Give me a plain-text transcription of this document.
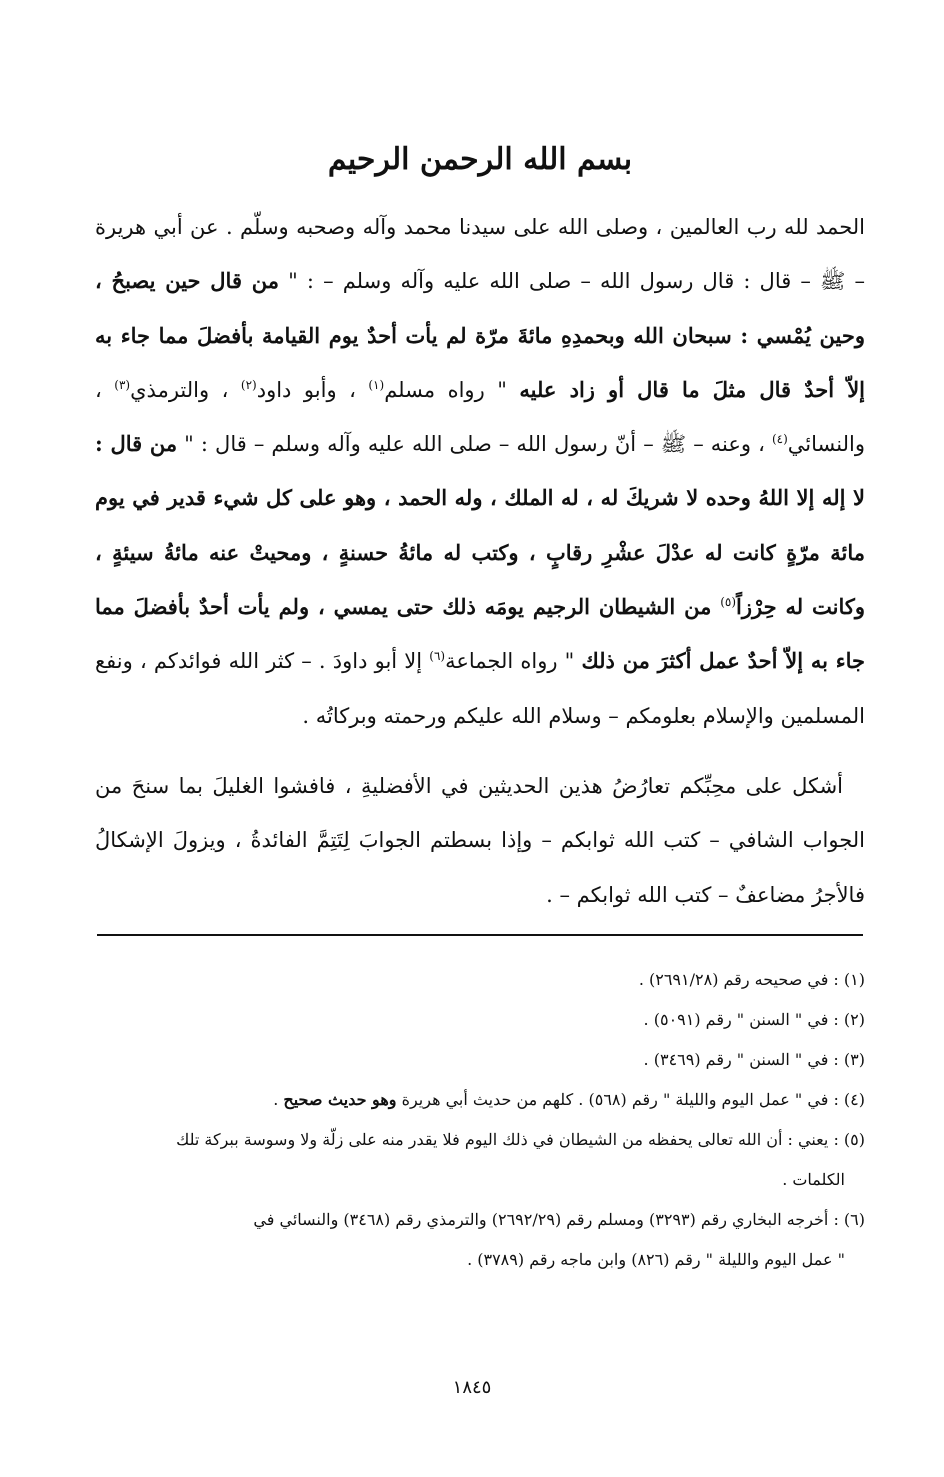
بسم الله الرحمن الرحيم

الحمد لله رب العالمين ، وصلى الله على سيدنا محمد وآله وصحبه وسلّم . عن أبي هريرة – ﷺ – قال : قال رسول الله – صلى الله عليه وآله وسلم – : " من قال حين يصبحُ ، وحين يُمْسي : سبحان الله وبحمدِهِ مائةَ مرّة لم يأت أحدٌ يوم القيامة بأفضلَ مما جاء به إلاّ أحدٌ قال مثلَ ما قال أو زاد عليه " رواه مسلم$^{(١)}$ ، وأبو داود$^{(٢)}$ ، والترمذي$^{(٣)}$ ، والنسائي$^{(٤)}$ ، وعنه – ﷺ – أنّ رسول الله – صلى الله عليه وآله وسلم – قال : " من قال : لا إله إلا اللهُ وحده لا شريكَ له ، له الملك ، وله الحمد ، وهو على كل شيء قدير في يوم مائة مرّةٍ كانت له عدْلَ عشْرِ رقابٍ ، وكتب له مائةُ حسنةٍ ، ومحيتْ عنه مائةُ سيئةٍ ، وكانت له حِرْزاً$^{(٥)}$ من الشيطان الرجيم يومَه ذلك حتى يمسي ، ولم يأت أحدٌ بأفضلَ مما جاء به إلاّ أحدٌ عمل أكثرَ من ذلك " رواه الجماعة$^{(٦)}$ إلا أبو داودَ . – كثر الله فوائدكم ، ونفع المسلمين والإسلام بعلومكم – وسلام الله عليكم ورحمته وبركاتُه .

أشكل على محِبِّكم تعارُضُ هذين الحديثين في الأفضليةِ ، فافشوا الغليلَ بما سنحَ من الجواب الشافي – كتب الله ثوابكم – وإذا بسطتم الجوابَ لِتَتِمَّ الفائدةُ ، ويزولَ الإشكالُ فالأجرُ مضاعفٌ – كتب الله ثوابكم – .

(١) : في صحيحه رقم (٢٦٩١/٢٨) .

(٢) : في " السنن " رقم (٥٠٩١) .

(٣) : في " السنن " رقم (٣٤٦٩) .

(٤) : في " عمل اليوم والليلة " رقم (٥٦٨) . كلهم من حديث أبي هريرة وهو حديث صحيح .

(٥) : يعني : أن الله تعالى يحفظه من الشيطان في ذلك اليوم فلا يقدر منه على زلّة ولا وسوسة ببركة تلك
الكلمات .

(٦) : أخرجه البخاري رقم (٣٢٩٣) ومسلم رقم (٢٦٩٢/٢٩) والترمذي رقم (٣٤٦٨) والنسائي في
" عمل اليوم والليلة " رقم (٨٢٦) وابن ماجه رقم (٣٧٨٩) .

١٨٤٥
